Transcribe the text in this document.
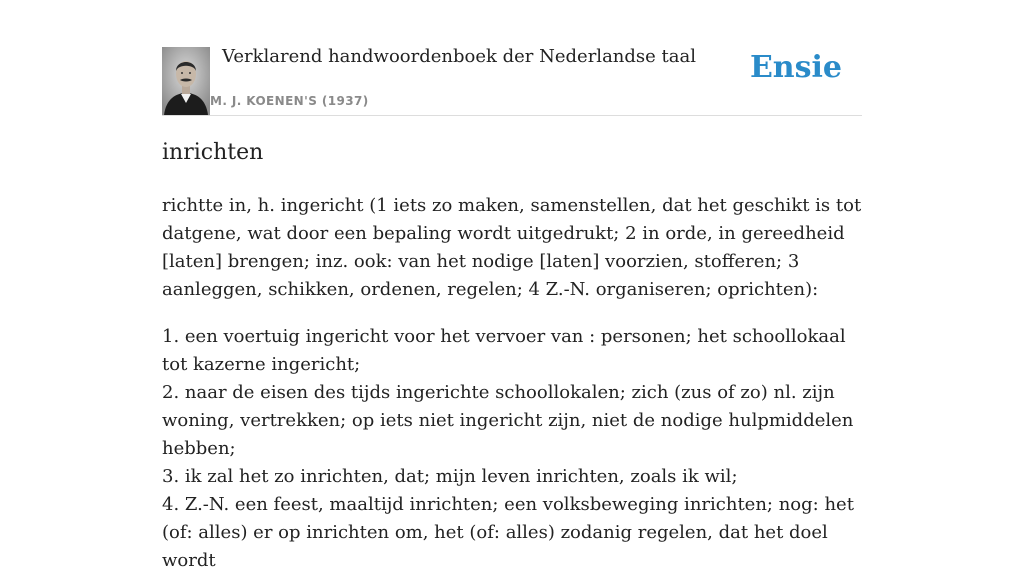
Verklarend handwoordenboek der Nederlandse taal
M. J. KOENEN'S (1937)
Ensie
inrichten

richtte in, h. ingericht (1 iets zo maken, samenstellen, dat het geschikt is tot datgene, wat door een bepaling wordt uitgedrukt; 2 in orde, in gereedheid [laten] brengen; inz. ook: van het nodige [laten] voorzien, stofferen; 3 aanleggen, schikken, ordenen, regelen; 4 Z.-N. organiseren; oprichten):

1. een voertuig ingericht voor het vervoer van : personen; het schoollokaal tot kazerne ingericht;
2. naar de eisen des tijds ingerichte schoollokalen; zich (zus of zo) nl. zijn woning, vertrekken; op iets niet ingericht zijn, niet de nodige hulpmiddelen hebben;
3. ik zal het zo inrichten, dat; mijn leven inrichten, zoals ik wil;
4. Z.-N. een feest, maaltijd inrichten; een volksbeweging inrichten; nog: het (of: alles) er op inrichten om, het (of: alles) zodanig regelen, dat het doel wordt
